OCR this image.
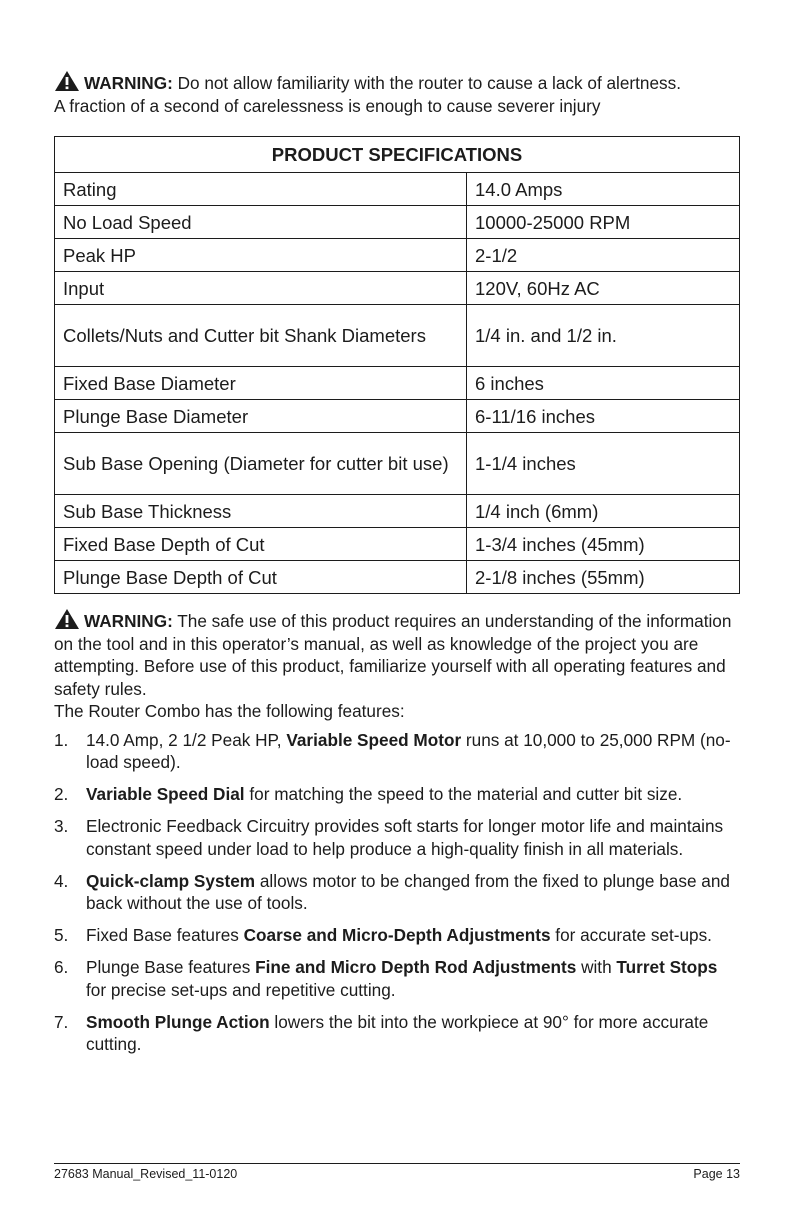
WARNING: Do not allow familiarity with the router to cause a lack of alertness.
A fraction of a second of carelessness is enough to cause severer injury

PRODUCT SPECIFICATIONS	
Rating	14.0 Amps
No Load Speed	10000-25000 RPM
Peak HP	2-1/2
Input	120V, 60Hz AC
Collets/Nuts and Cutter bit Shank Diameters	1/4 in. and 1/2 in.
Fixed Base Diameter	6 inches
Plunge Base Diameter	6-11/16 inches
Sub Base Opening (Diameter for cutter bit use)	1-1/4 inches
Sub Base Thickness	1/4 inch (6mm)
Fixed Base Depth of Cut	1-3/4 inches (45mm)
Plunge Base Depth of Cut	2-1/8 inches (55mm)

WARNING: The safe use of this product requires an understanding of the information on the tool and in this operator’s manual, as well as knowledge of the project you are attempting. Before use of this product, familiarize yourself with all operating features and safety rules.

The Router Combo has the following features:

1. 14.0 Amp, 2 1/2 Peak HP, Variable Speed Motor runs at 10,000 to 25,000 RPM (no-load speed).
2. Variable Speed Dial for matching the speed to the material and cutter bit size.
3. Electronic Feedback Circuitry provides soft starts for longer motor life and maintains constant speed under load to help produce a high-quality finish in all materials.
4. Quick-clamp System allows motor to be changed from the fixed to plunge base and back without the use of tools.
5. Fixed Base features Coarse and Micro-Depth Adjustments for accurate set-ups.
6. Plunge Base features Fine and Micro Depth Rod Adjustments with Turret Stops for precise set-ups and repetitive cutting.
7. Smooth Plunge Action lowers the bit into the workpiece at 90° for more accurate cutting.
27683 Manual_Revised_11-0120	Page 13
